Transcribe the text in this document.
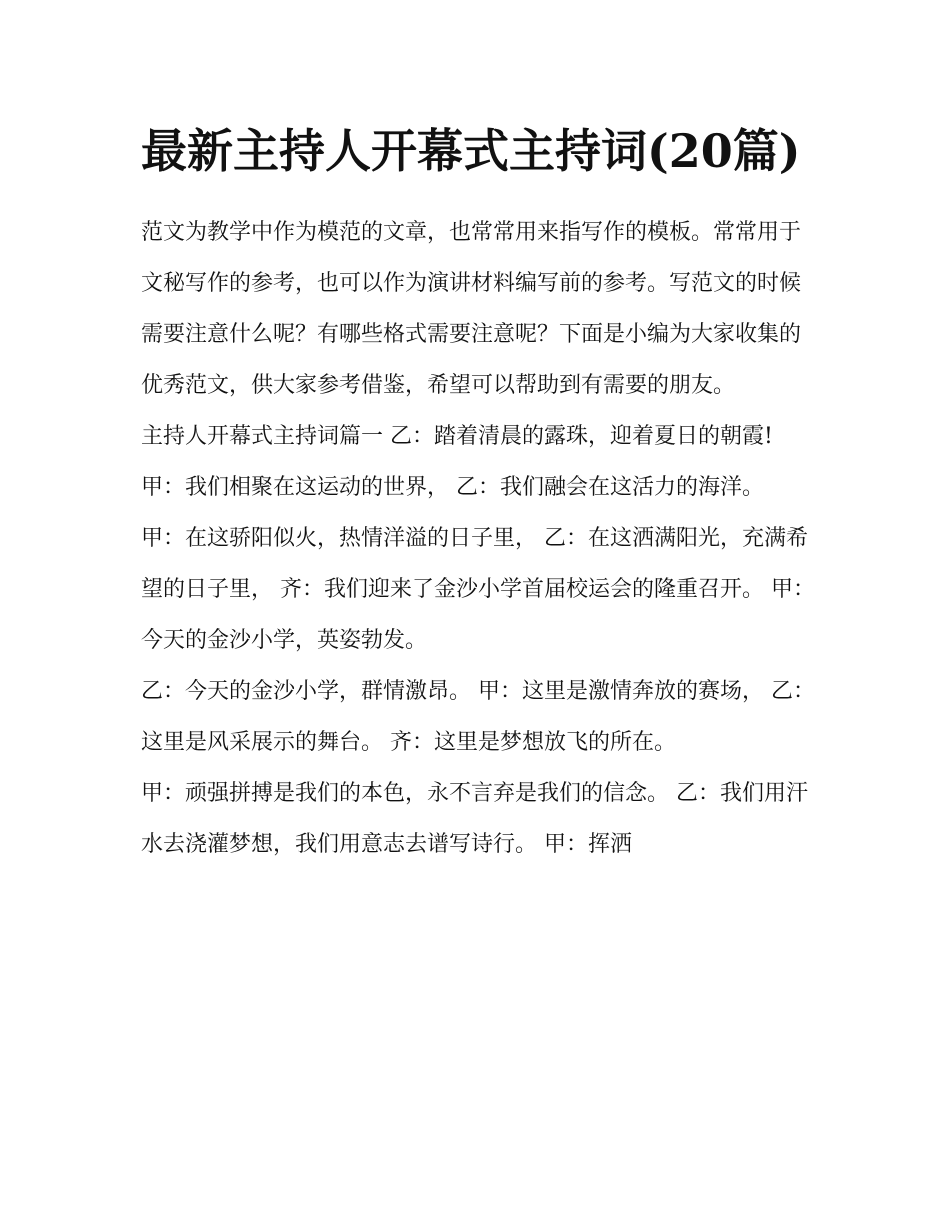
最新主持人开幕式主持词(20篇)

范文为教学中作为模范的文章，也常常用来指写作的模板。常常用于文秘写作的参考，也可以作为演讲材料编写前的参考。写范文的时候需要注意什么呢？有哪些格式需要注意呢？下面是小编为大家收集的优秀范文，供大家参考借鉴，希望可以帮助到有需要的朋友。

主持人开幕式主持词篇一 乙：踏着清晨的露珠，迎着夏日的朝霞! 甲：我们相聚在这运动的世界， 乙：我们融会在这活力的海洋。

甲：在这骄阳似火，热情洋溢的日子里， 乙：在这洒满阳光，充满希望的日子里， 齐：我们迎来了金沙小学首届校运会的隆重召开。 甲：今天的金沙小学，英姿勃发。

乙：今天的金沙小学，群情激昂。 甲：这里是激情奔放的赛场， 乙：这里是风采展示的舞台。 齐：这里是梦想放飞的所在。

甲：顽强拼搏是我们的本色，永不言弃是我们的信念。 乙：我们用汗水去浇灌梦想，我们用意志去谱写诗行。 甲：挥洒
